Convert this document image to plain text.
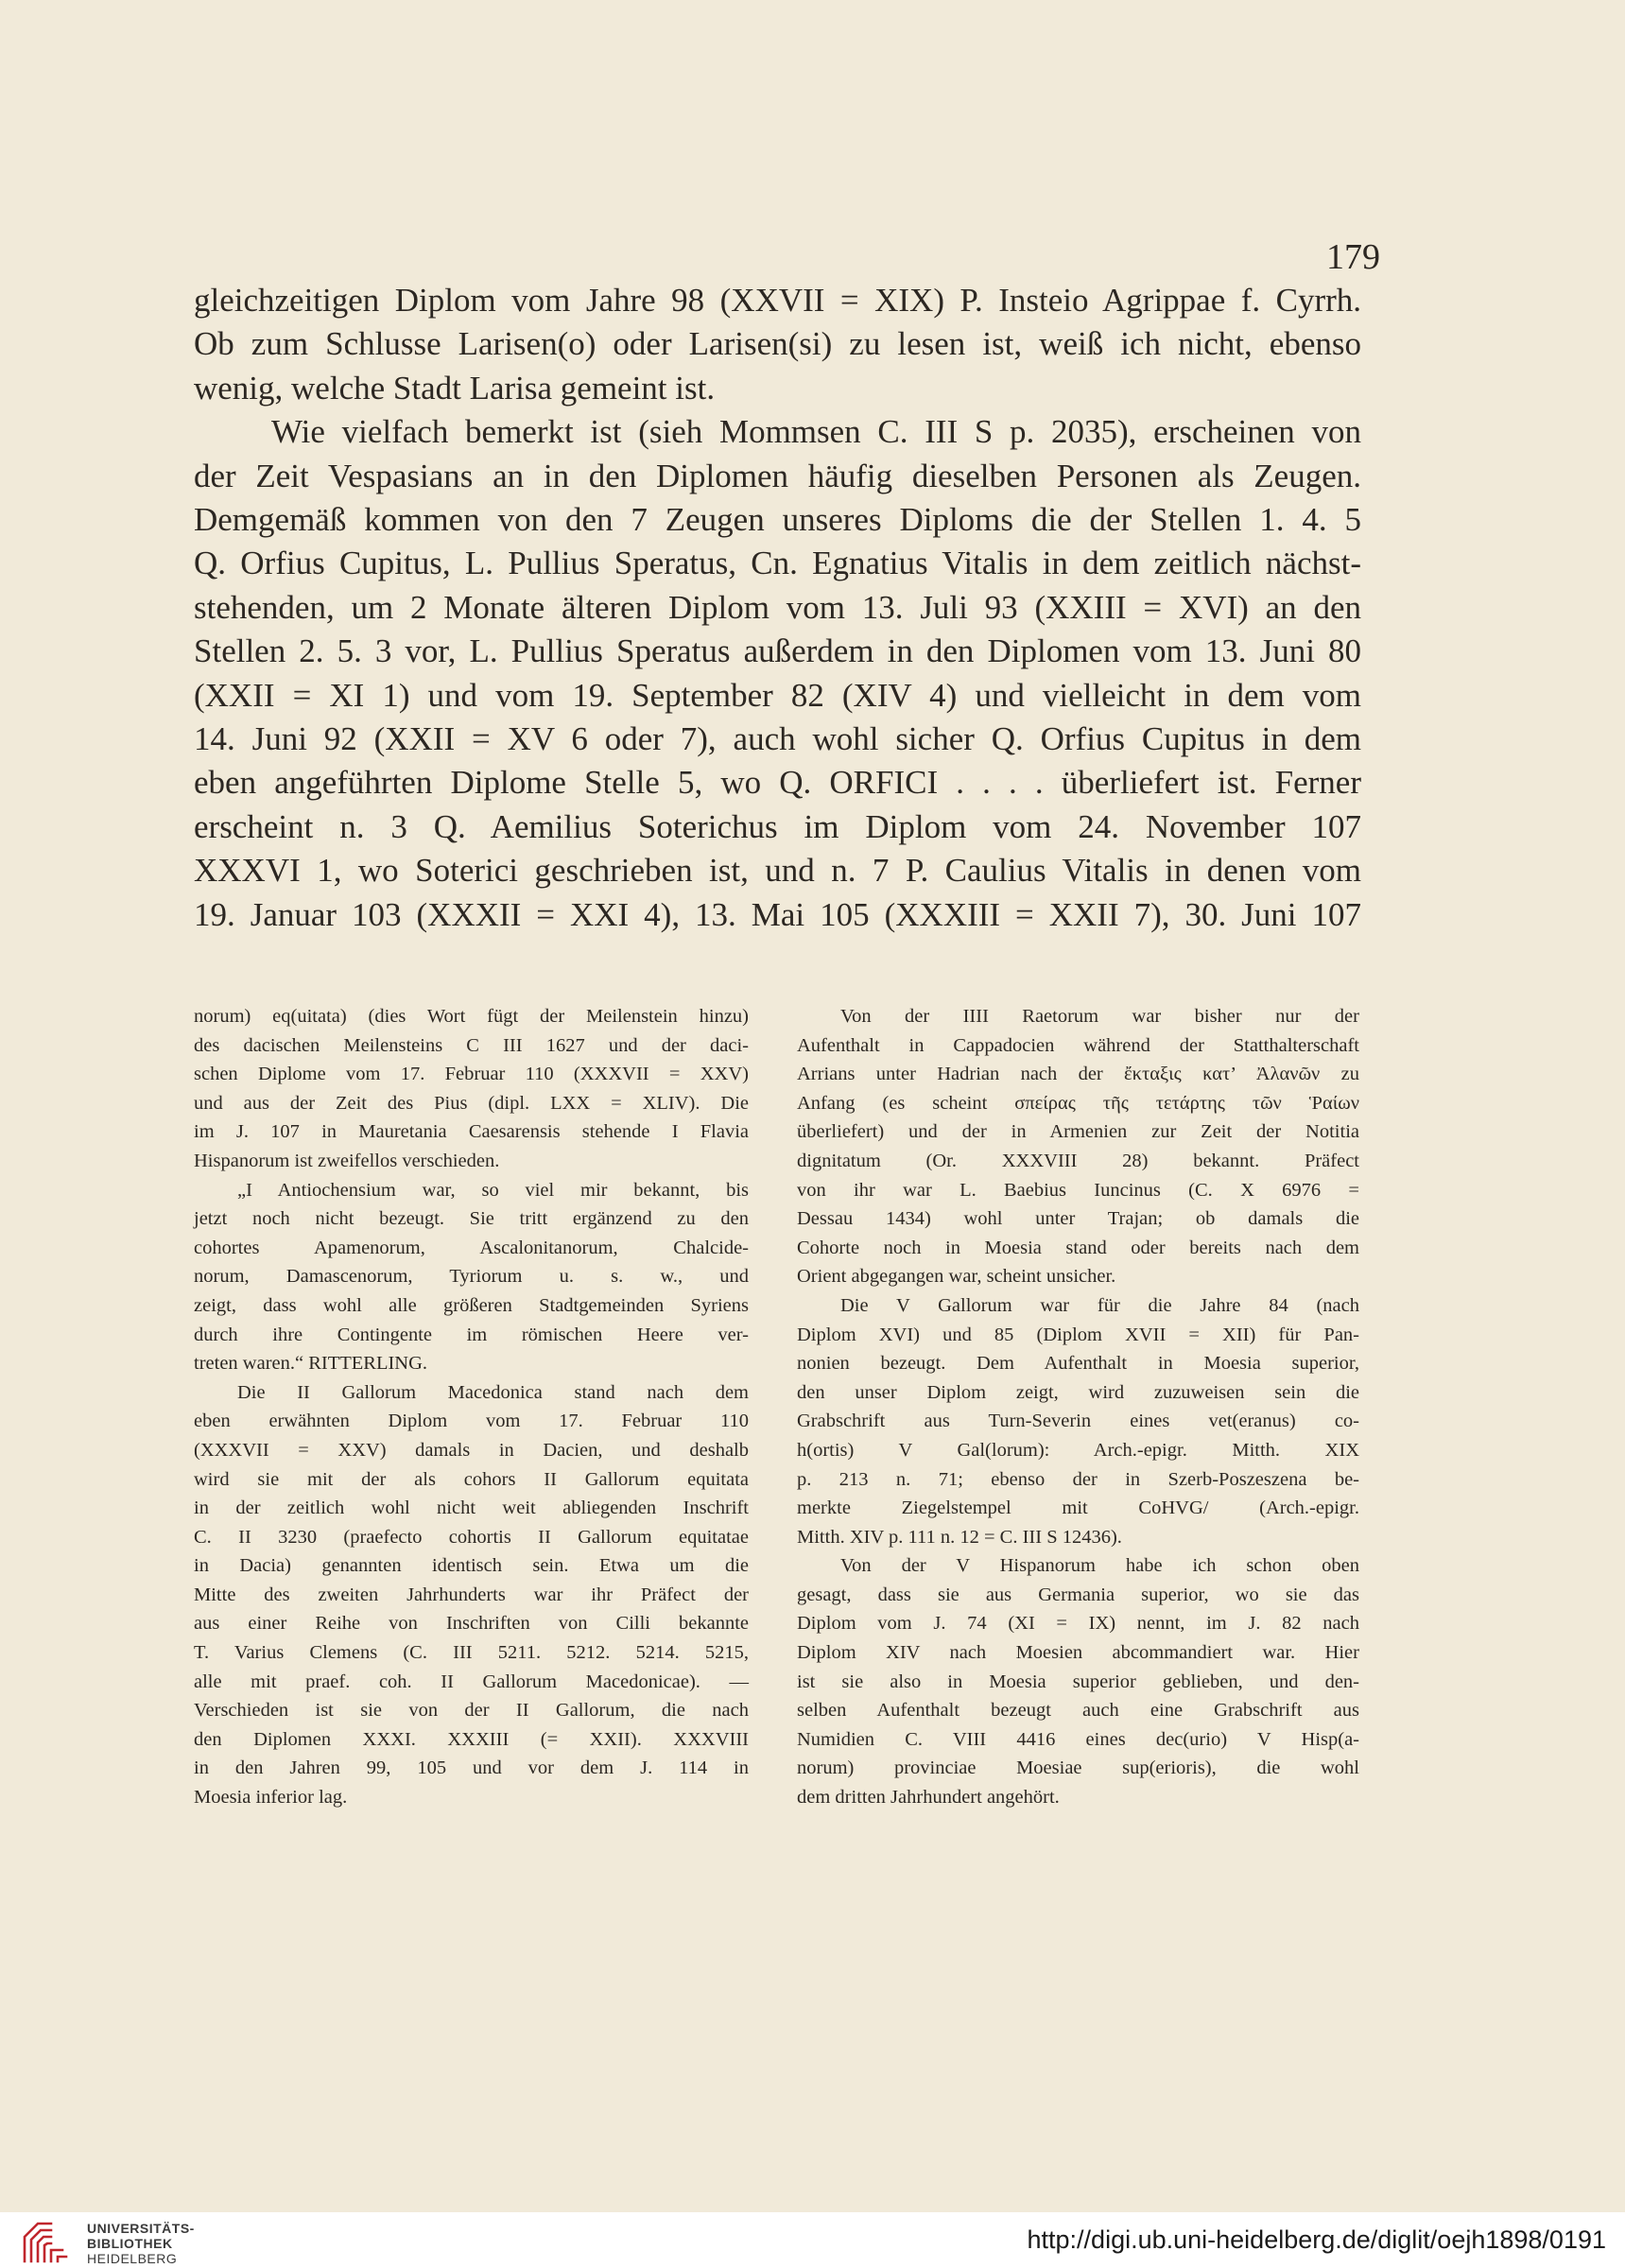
179
gleichzeitigen Diplom vom Jahre 98 (XXVII = XIX) P. Insteio Agrippae f. Cyrrh.
Ob zum Schlusse Larisen(o) oder Larisen(si) zu lesen ist, weiß ich nicht, ebenso
wenig, welche Stadt Larisa gemeint ist.
Wie vielfach bemerkt ist (sieh Mommsen C. III S p. 2035), erscheinen von
der Zeit Vespasians an in den Diplomen häufig dieselben Personen als Zeugen.
Demgemäß kommen von den 7 Zeugen unseres Diploms die der Stellen 1. 4. 5
Q. Orfius Cupitus, L. Pullius Speratus, Cn. Egnatius Vitalis in dem zeitlich nächst-
stehenden, um 2 Monate älteren Diplom vom 13. Juli 93 (XXIII = XVI) an den
Stellen 2. 5. 3 vor, L. Pullius Speratus außerdem in den Diplomen vom 13. Juni 80
(XXII = XI 1) und vom 19. September 82 (XIV 4) und vielleicht in dem vom
14. Juni 92 (XXII = XV 6 oder 7), auch wohl sicher Q. Orfius Cupitus in dem
eben angeführten Diplome Stelle 5, wo Q. ORFICI . . . . überliefert ist. Ferner
erscheint n. 3 Q. Aemilius Soterichus im Diplom vom 24. November 107
XXXVI 1, wo Soterici geschrieben ist, und n. 7 P. Caulius Vitalis in denen vom
19. Januar 103 (XXXII = XXI 4), 13. Mai 105 (XXXIII = XXII 7), 30. Juni 107
norum) eq(uitata) (dies Wort fügt der Meilenstein hinzu)
des dacischen Meilensteins C III 1627 und der daci-
schen Diplome vom 17. Februar 110 (XXXVII = XXV)
und aus der Zeit des Pius (dipl. LXX = XLIV). Die
im J. 107 in Mauretania Caesarensis stehende I Flavia
Hispanorum ist zweifellos verschieden.
„I Antiochensium war, so viel mir bekannt, bis
jetzt noch nicht bezeugt. Sie tritt ergänzend zu den
cohortes Apamenorum, Ascalonitanorum, Chalcide-
norum, Damascenorum, Tyriorum u. s. w., und
zeigt, dass wohl alle größeren Stadtgemeinden Syriens
durch ihre Contingente im römischen Heere ver-
treten waren.“ RITTERLING.
Die II Gallorum Macedonica stand nach dem
eben erwähnten Diplom vom 17. Februar 110
(XXXVII = XXV) damals in Dacien, und deshalb
wird sie mit der als cohors II Gallorum equitata
in der zeitlich wohl nicht weit abliegenden Inschrift
C. II 3230 (praefecto cohortis II Gallorum equitatae
in Dacia) genannten identisch sein. Etwa um die
Mitte des zweiten Jahrhunderts war ihr Präfect der
aus einer Reihe von Inschriften von Cilli bekannte
T. Varius Clemens (C. III 5211. 5212. 5214. 5215,
alle mit praef. coh. II Gallorum Macedonicae). —
Verschieden ist sie von der II Gallorum, die nach
den Diplomen XXXI. XXXIII (= XXII). XXXVIII
in den Jahren 99, 105 und vor dem J. 114 in
Moesia inferior lag.
Von der IIII Raetorum war bisher nur der
Aufenthalt in Cappadocien während der Statthalterschaft
Arrians unter Hadrian nach der ἔκταξις κατ’ Ἀλανῶν zu
Anfang (es scheint σπείρας τῆς τετάρτης τῶν Ῥαίων
überliefert) und der in Armenien zur Zeit der Notitia
dignitatum (Or. XXXVIII 28) bekannt. Präfect
von ihr war L. Baebius Iuncinus (C. X 6976 =
Dessau 1434) wohl unter Trajan; ob damals die
Cohorte noch in Moesia stand oder bereits nach dem
Orient abgegangen war, scheint unsicher.
Die V Gallorum war für die Jahre 84 (nach
Diplom XVI) und 85 (Diplom XVII = XII) für Pan-
nonien bezeugt. Dem Aufenthalt in Moesia superior,
den unser Diplom zeigt, wird zuzuweisen sein die
Grabschrift aus Turn-Severin eines vet(eranus) co-
h(ortis) V Gal(lorum): Arch.-epigr. Mitth. XIX
p. 213 n. 71; ebenso der in Szerb-Poszeszena be-
merkte Ziegelstempel mit CoHVG/ (Arch.-epigr.
Mitth. XIV p. 111 n. 12 = C. III S 12436).
Von der V Hispanorum habe ich schon oben
gesagt, dass sie aus Germania superior, wo sie das
Diplom vom J. 74 (XI = IX) nennt, im J. 82 nach
Diplom XIV nach Moesien abcommandiert war. Hier
ist sie also in Moesia superior geblieben, und den-
selben Aufenthalt bezeugt auch eine Grabschrift aus
Numidien C. VIII 4416 eines dec(urio) V Hisp(a-
norum) provinciae Moesiae sup(erioris), die wohl
dem dritten Jahrhundert angehört.
UNIVERSITÄTS-
BIBLIOTHEK
HEIDELBERG
http://digi.ub.uni-heidelberg.de/diglit/oejh1898/0191
